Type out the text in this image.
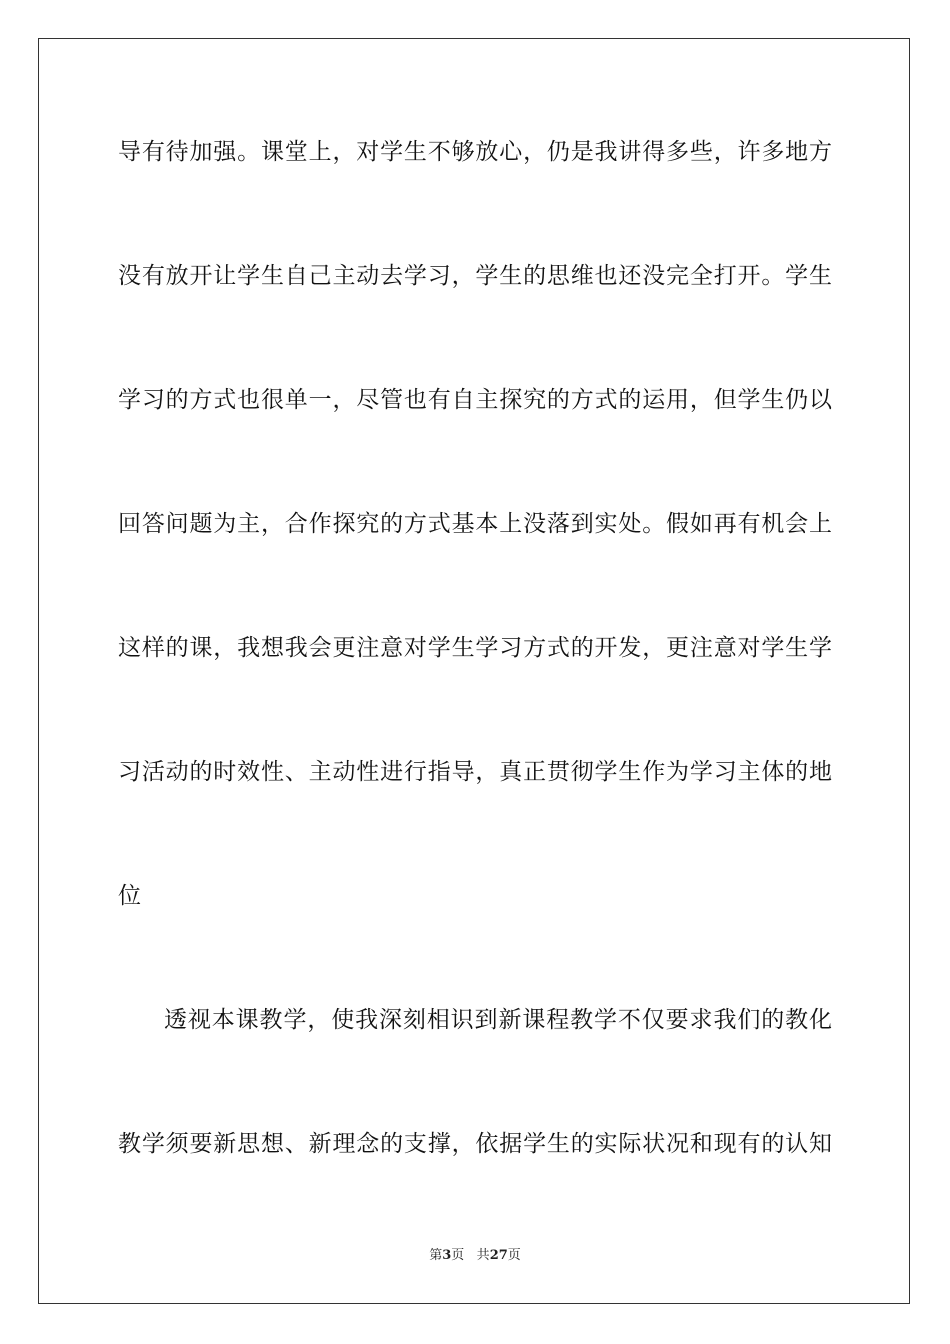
导有待加强。课堂上，对学生不够放心，仍是我讲得多些，许多地方
没有放开让学生自己主动去学习，学生的思维也还没完全打开。学生
学习的方式也很单一，尽管也有自主探究的方式的运用，但学生仍以
回答问题为主，合作探究的方式基本上没落到实处。假如再有机会上
这样的课，我想我会更注意对学生学习方式的开发，更注意对学生学
习活动的时效性、主动性进行指导，真正贯彻学生作为学习主体的地
位
透视本课教学，使我深刻相识到新课程教学不仅要求我们的教化
教学须要新思想、新理念的支撑，依据学生的实际状况和现有的认知
第3页 共27页
